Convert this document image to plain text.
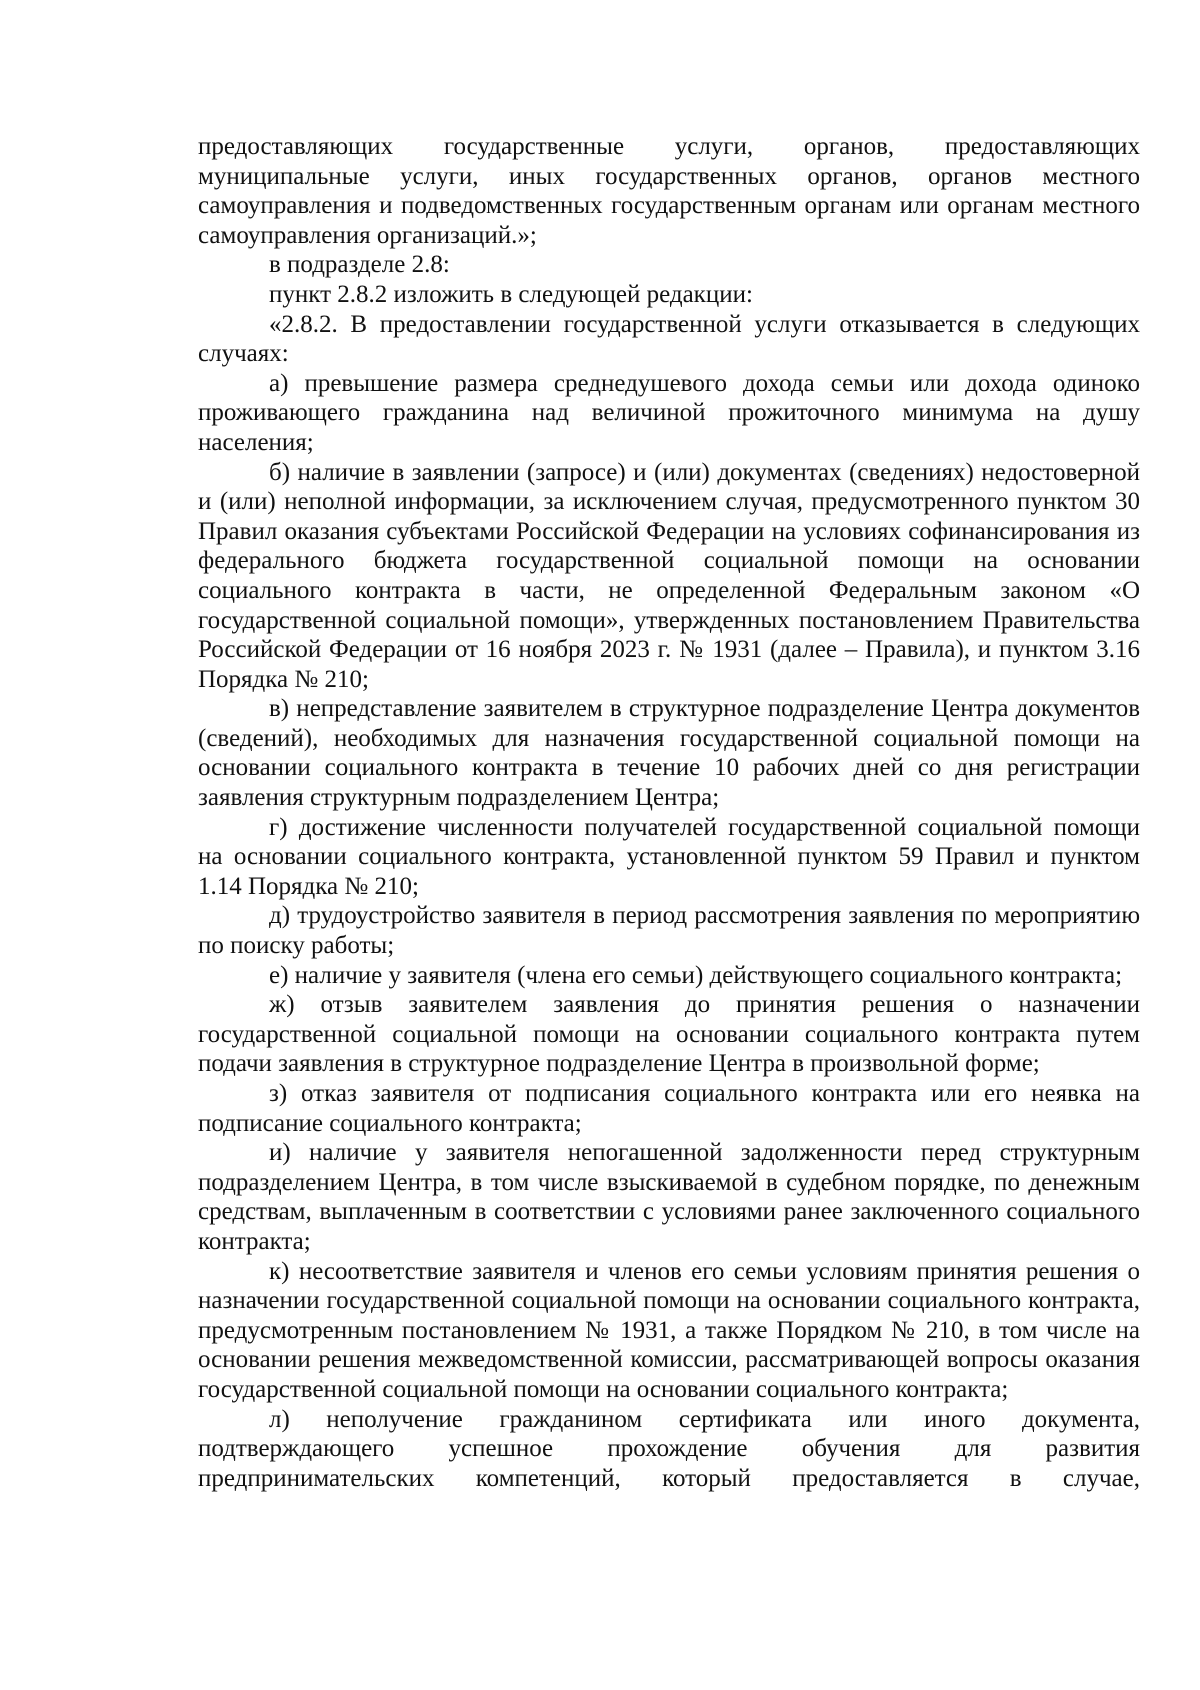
предоставляющих государственные услуги, органов, предоставляющих муниципальные услуги, иных государственных органов, органов местного самоуправления и подведомственных государственным органам или органам местного самоуправления организаций.»;

в подразделе 2.8:

пункт 2.8.2 изложить в следующей редакции:

«2.8.2. В предоставлении государственной услуги отказывается в следующих случаях:

а) превышение размера среднедушевого дохода семьи или дохода одиноко проживающего гражданина над величиной прожиточного минимума на душу населения;

б) наличие в заявлении (запросе) и (или) документах (сведениях) недостоверной и (или) неполной информации, за исключением случая, предусмотренного пунктом 30 Правил оказания субъектами Российской Федерации на условиях софинансирования из федерального бюджета государственной социальной помощи на основании социального контракта в части, не определенной Федеральным законом «О государственной социальной помощи», утвержденных постановлением Правительства Российской Федерации от 16 ноября 2023 г. № 1931 (далее – Правила), и пунктом 3.16 Порядка № 210;

в) непредставление заявителем в структурное подразделение Центра документов (сведений), необходимых для назначения государственной социальной помощи на основании социального контракта в течение 10 рабочих дней со дня регистрации заявления структурным подразделением Центра;

г) достижение численности получателей государственной социальной помощи на основании социального контракта, установленной пунктом 59 Правил и пунктом 1.14 Порядка № 210;

д) трудоустройство заявителя в период рассмотрения заявления по мероприятию по поиску работы;

е) наличие у заявителя (члена его семьи) действующего социального контракта;

ж) отзыв заявителем заявления до принятия решения о назначении государственной социальной помощи на основании социального контракта путем подачи заявления в структурное подразделение Центра в произвольной форме;

з) отказ заявителя от подписания социального контракта или его неявка на подписание социального контракта;

и) наличие у заявителя непогашенной задолженности перед структурным подразделением Центра, в том числе взыскиваемой в судебном порядке, по денежным средствам, выплаченным в соответствии с условиями ранее заключенного социального контракта;

к) несоответствие заявителя и членов его семьи условиям принятия решения о назначении государственной социальной помощи на основании социального контракта, предусмотренным постановлением № 1931, а также Порядком № 210, в том числе на основании решения межведомственной комиссии, рассматривающей вопросы оказания государственной социальной помощи на основании социального контракта;

л) неполучение гражданином сертификата или иного документа, подтверждающего успешное прохождение обучения для развития предпринимательских компетенций, который предоставляется в случае,
